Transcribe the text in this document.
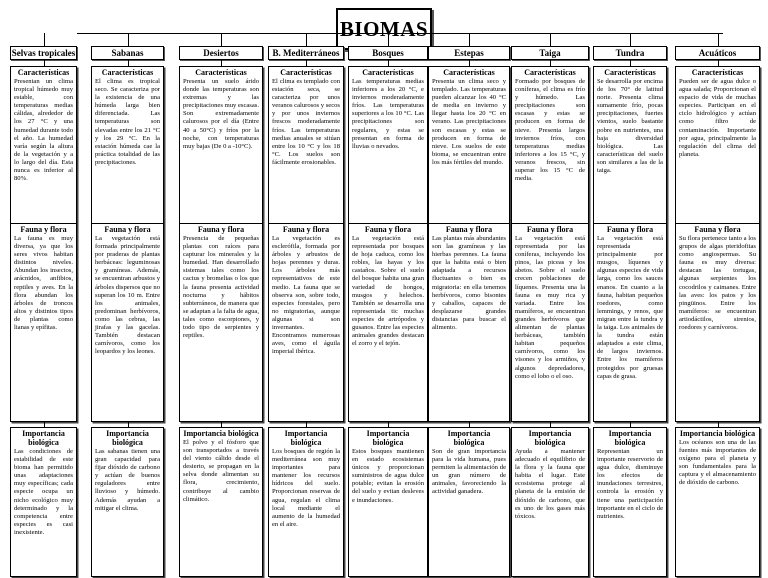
BIOMAS
Selvas tropicales
Características
Presentan un clima tropical húmedo muy estable, con temperaturas medias cálidas, alrededor de los 27 °C y una humedad durante todo el año. La humedad varía según la altura de la vegetación y a lo largo del día. Esta nunca es inferior al 80%.
Fauna y flora
La fauna es muy diversa, ya que los seres vivos habitan distintos niveles. Abundan los insectos, arácnidos, anfibios, reptiles y aves. En la flora abundan los árboles de troncos altos y distintos tipos de plantas como lianas y epífitas.
Importancia biológica
Las condiciones de estabilidad de este bioma han permitido unas adaptaciones muy específicas; cada especie ocupa un nicho ecológico muy determinado y la competencia entre especies es casi inexistente.
Sabanas
Características
El clima es tropical seco. Se caracteriza por la existencia de una húmeda larga bien diferenciada. Las temperaturas son elevadas entre los 21 °C y los 29 °C. En la estación húmeda cae la práctica totalidad de las precipitaciones.
Fauna y flora
La vegetación está formada principalmente por praderas de plantas herbáceas: leguminosas y gramíneas. Además, se encuentran arbustos y árboles dispersos que no superan los 10 m. Entre los animales, predominan herbívoros, como las cebras, las jirafas y las gacelas. También destacan carnívoros, como los leopardos y los leones.
Importancia biológica
Las sabanas tienen una gran capacidad para fijar dióxido de carbono y actúan de buenos reguladores entre lluvioso y húmedo. Además ayudan a mitigar el clima.
Desiertos
Características
Presenta un suelo árido donde las temperaturas son extremas y las precipitaciones muy escasas. Son extremadamente calurosos por el día (Entre 40 a 50°C) y fríos por la noche, con temperaturas muy bajas (De 0 a -10°C).
Fauna y flora
Presencia de pequeñas plantas con raíces para capturar los minerales y la humedad. Han desarrollado sistemas tales como los cactus y bromelias o los que la fauna presenta actividad nocturna y hábitos subterráneos, de manera que se adaptan a la falta de agua, tales como escorpiones, y todo tipo de serpientes y reptiles.
Importancia biológica
El polvo y el fósforo que son transportados a través del viento cálido desde el desierto, se propagan en la selva donde alimentan su flora, crecimiento, contribuye al cambio climático.
B. Mediterráneos
Características
El clima es templado con estación seca, se caracteriza por unos veranos calurosos y secos y por unos inviernos frescos moderadamente fríos. Las temperaturas medias anuales se sitúan entre los 10 °C y los 18 °C. Los suelos son fácilmente erosionables.
Fauna y flora
La vegetación es esclerófila, formada por árboles y arbustos de hojas perennes y duras. Los árboles más representativos de este medio. La fauna que se observa son, sobre todo, especies forestales, pero no migratorias, aunque algunas si son invernantes. Encontramos numerosas aves, como el águila imperial ibérica.
Importancia biológica
Los bosques de región la mediterránea son muy importantes para mantener los recursos hídricos del suelo. Proporcionan reservas de agua, regulan el clima local mediante el aumento de la humedad en el aire.
Bosques
Características
Las temperaturas medias inferiores a los 20 °C, e inviernos moderadamente fríos. Las temperaturas superiores a los 10 °C. Las precipitaciones son regulares, y estas se presentan en forma de lluvias o nevados.
Fauna y flora
La vegetación está representada por bosques de hoja caduca, como los robles, las hayas y los castaños. Sobre el suelo del bosque habita una gran variedad de hongos, musgos y helechos. También se desarrolla una representada tic muchas especies de artrópodos y gusanos. Entre las especies animales grandes destacan el zorro y el tejón.
Importancia biológica
Estos bosques mantienen en estado ecosistemas únicos y proporcionan suministros de agua dulce potable; evitan la erosión del suelo y evitan desleves e inundaciones.
Estepas
Características
Presenta un clima seco y templado. Las temperaturas pueden alcanzar los 40 °C de media en invierno y llegar hasta los 20 °C en verano. Las precipitaciones son escasas y estas se producen en forma de nieve. Los suelos de este bioma, se encuentran entre los más fértiles del mundo.
Fauna y flora
Las plantas más abundantes son las gramíneas y las hierbas perennes. La fauna que la habita está o bien adaptada a recursos fluctuantes o bien es migratoria: en ella tenemos herbívoros, como bisontes y caballos, capaces de desplazarse grandes distancias para buscar el alimento.
Importancia biológica
Son de gran importancia para la vida humana, pues permiten la alimentación de un gran número de animales, favoreciendo la actividad ganadera.
Taiga
Características
Formado por bosques de coníferas, el clima es frío y húmedo. Las precipitaciones son escasas y estas se producen en forma de nieve. Presenta largos inviernos fríos, con temperaturas medias inferiores a los 15 °C, y veranos frescos, sin superar los 15 °C de media.
Fauna y flora
La vegetación está representada por las coníferas, incluyendo los pinos, las piceas y los abetos. Sobre el suelo crecen poblaciones de líquenes. Presenta una la fauna es muy rica y variada. Entre los mamíferos, se encuentran grandes herbívoros que alimentan de plantas herbáceas, también habitan pequeños carnívoros, como los visones y los armiños, y algunos depredadores, como el lobo o el oso.
Importancia biológica
Ayuda a mantener adecuado el equilibrio de la flora y la fauna que habita el lugar. Este ecosistema protege al planeta de la emisión de dióxido de carbono, que es uno de los gases más tóxicos.
Tundra
Características
Se desarrolla por encima de los 70° de latitud norte. Presenta clima sumamente frío, pocas precipitaciones, fuertes vientos, suelo bastante pobre en nutrientes, una baja diversidad biológica. Las características del suelo son similares a las de la taiga.
Fauna y flora
La vegetación está representada principalmente por musgos, líquenes y algunas especies de vida larga, como los sauces enanos. En cuanto a la fauna, habitan pequeños roedores, como lemmings, y renos, que migran entre la tundra y la taiga. Los animales de la tundra están adaptados a este clima, de largos inviernos. Entre los mamíferos protegidos por gruesas capas de grasa.
Importancia biológica
Representan un importante reservorio de agua dulce, disminuye los efectos de inundaciones terrestres, controla la erosión y tiene una participación importante en el ciclo de nutrientes.
Acuáticos
Características
Pueden ser de agua dulce o agua salada; Proporcionan el espacio de vida de muchas especies. Participan en el ciclo hidrológico y actúan como filtro de contaminación. Importante por agua, principalmente la regulación del clima del planeta.
Fauna y flora
Su flora pertenece tanto a los grupos de algas pteridofitas como angiospermas. Su fauna es muy diversa: destacan las tortugas, algunas serpientes los cocodrilos y caimanes. Entre las aves: los patos y los pingüinos. Entre los mamíferos: se encuentran artiodáctilos, sirenios, roedores y carnívoros.
Importancia biológica
Los océanos son una de las fuentes más importantes de oxígeno para el planeta y son fundamentales para la captura y el almacenamiento de dióxido de carbono.
